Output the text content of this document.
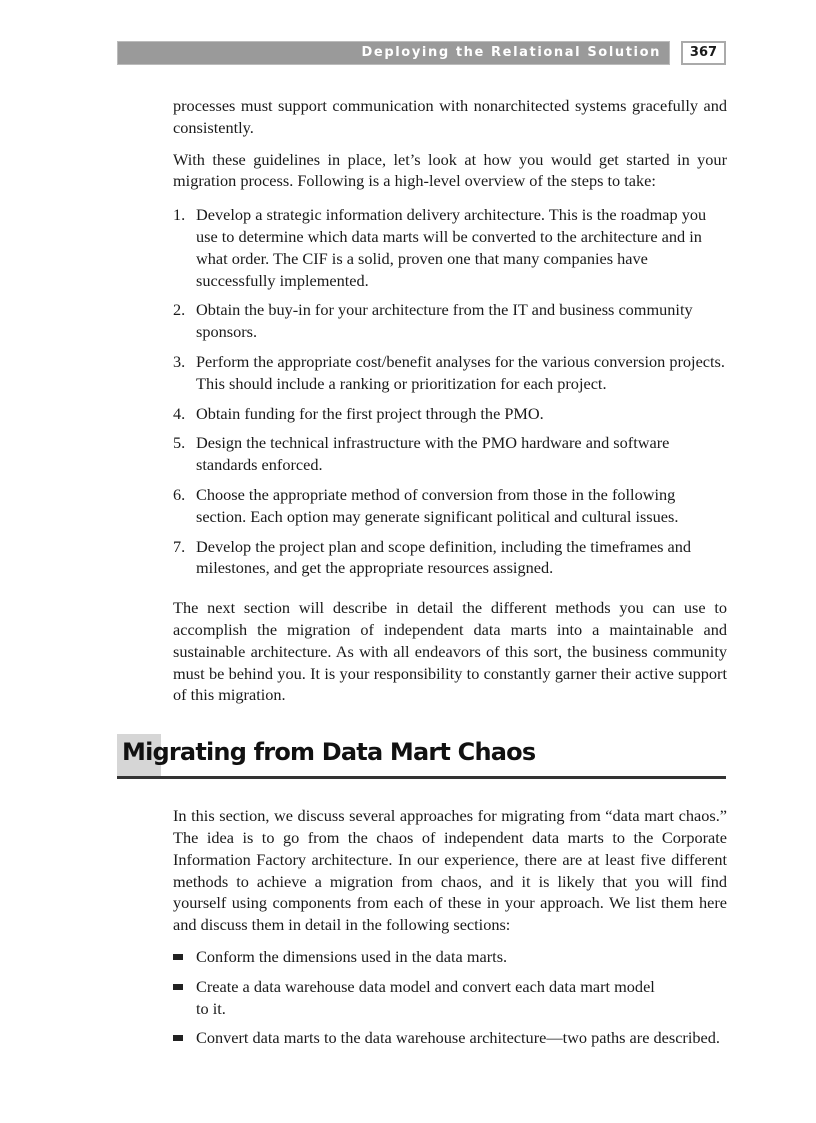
Deploying the Relational Solution	367
processes must support communication with nonarchitected systems gracefully and consistently.
With these guidelines in place, let’s look at how you would get started in your migration process. Following is a high-level overview of the steps to take:
1. Develop a strategic information delivery architecture. This is the roadmap you use to determine which data marts will be converted to the architecture and in what order. The CIF is a solid, proven one that many companies have successfully implemented.
2. Obtain the buy-in for your architecture from the IT and business community sponsors.
3. Perform the appropriate cost/benefit analyses for the various conversion projects. This should include a ranking or prioritization for each project.
4. Obtain funding for the first project through the PMO.
5. Design the technical infrastructure with the PMO hardware and software standards enforced.
6. Choose the appropriate method of conversion from those in the following section. Each option may generate significant political and cultural issues.
7. Develop the project plan and scope definition, including the timeframes and milestones, and get the appropriate resources assigned.
The next section will describe in detail the different methods you can use to accomplish the migration of independent data marts into a maintainable and sustainable architecture. As with all endeavors of this sort, the business community must be behind you. It is your responsibility to constantly garner their active support of this migration.
Migrating from Data Mart Chaos
In this section, we discuss several approaches for migrating from “data mart chaos.” The idea is to go from the chaos of independent data marts to the Corporate Information Factory architecture. In our experience, there are at least five different methods to achieve a migration from chaos, and it is likely that you will find yourself using components from each of these in your approach. We list them here and discuss them in detail in the following sections:
Conform the dimensions used in the data marts.
Create a data warehouse data model and convert each data mart model to it.
Convert data marts to the data warehouse architecture—two paths are described.
